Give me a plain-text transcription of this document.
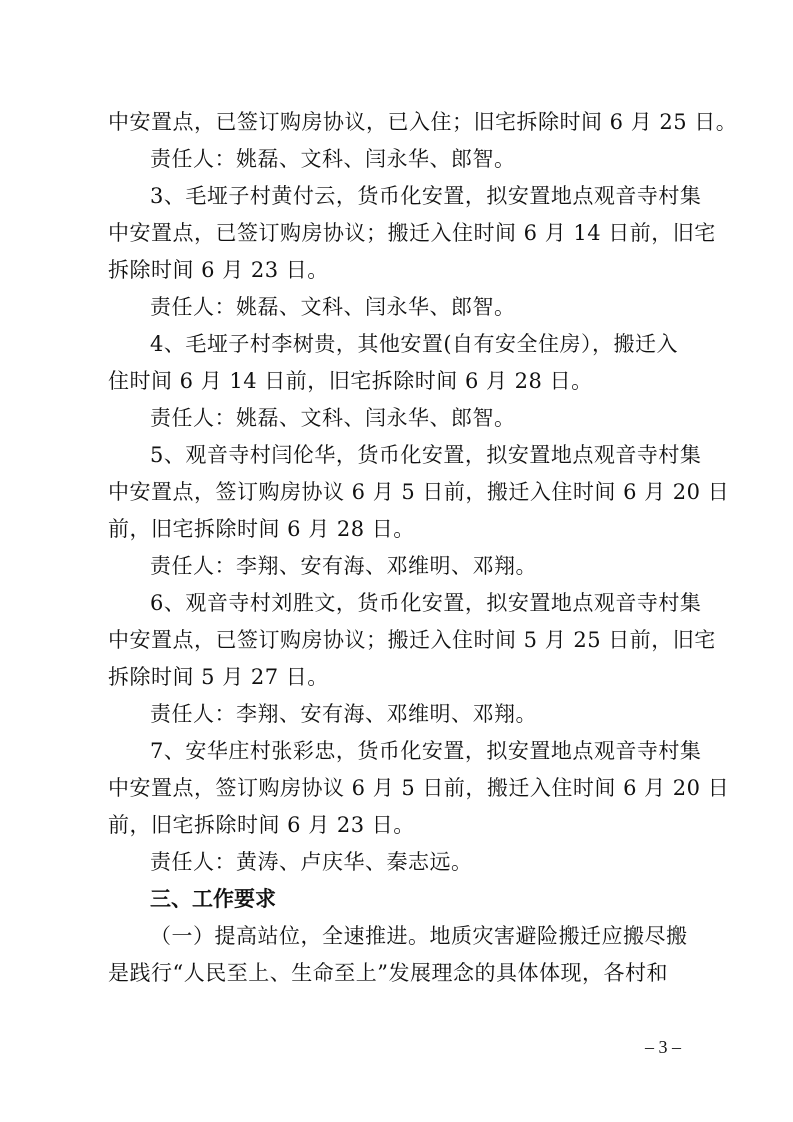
中安置点，已签订购房协议，已入住；旧宅拆除时间 6 月 25 日。
责任人：姚磊、文科、闫永华、郎智。
3、毛垭子村黄付云，货币化安置，拟安置地点观音寺村集
中安置点，已签订购房协议；搬迁入住时间 6 月 14 日前，旧宅
拆除时间 6 月 23 日。
责任人：姚磊、文科、闫永华、郎智。
4、毛垭子村李树贵，其他安置(自有安全住房），搬迁入
住时间 6 月 14 日前，旧宅拆除时间 6 月 28 日。
责任人：姚磊、文科、闫永华、郎智。
5、观音寺村闫伦华，货币化安置，拟安置地点观音寺村集
中安置点，签订购房协议 6 月 5 日前，搬迁入住时间 6 月 20 日
前，旧宅拆除时间 6 月 28 日。
责任人：李翔、安有海、邓维明、邓翔。
6、观音寺村刘胜文，货币化安置，拟安置地点观音寺村集
中安置点，已签订购房协议；搬迁入住时间 5 月 25 日前，旧宅
拆除时间 5 月 27 日。
责任人：李翔、安有海、邓维明、邓翔。
7、安华庄村张彩忠，货币化安置，拟安置地点观音寺村集
中安置点，签订购房协议 6 月 5 日前，搬迁入住时间 6 月 20 日
前，旧宅拆除时间 6 月 23 日。
责任人：黄涛、卢庆华、秦志远。
三、工作要求
（一）提高站位，全速推进。地质灾害避险搬迁应搬尽搬
是践行“人民至上、生命至上”发展理念的具体体现，各村和
– 3 –
